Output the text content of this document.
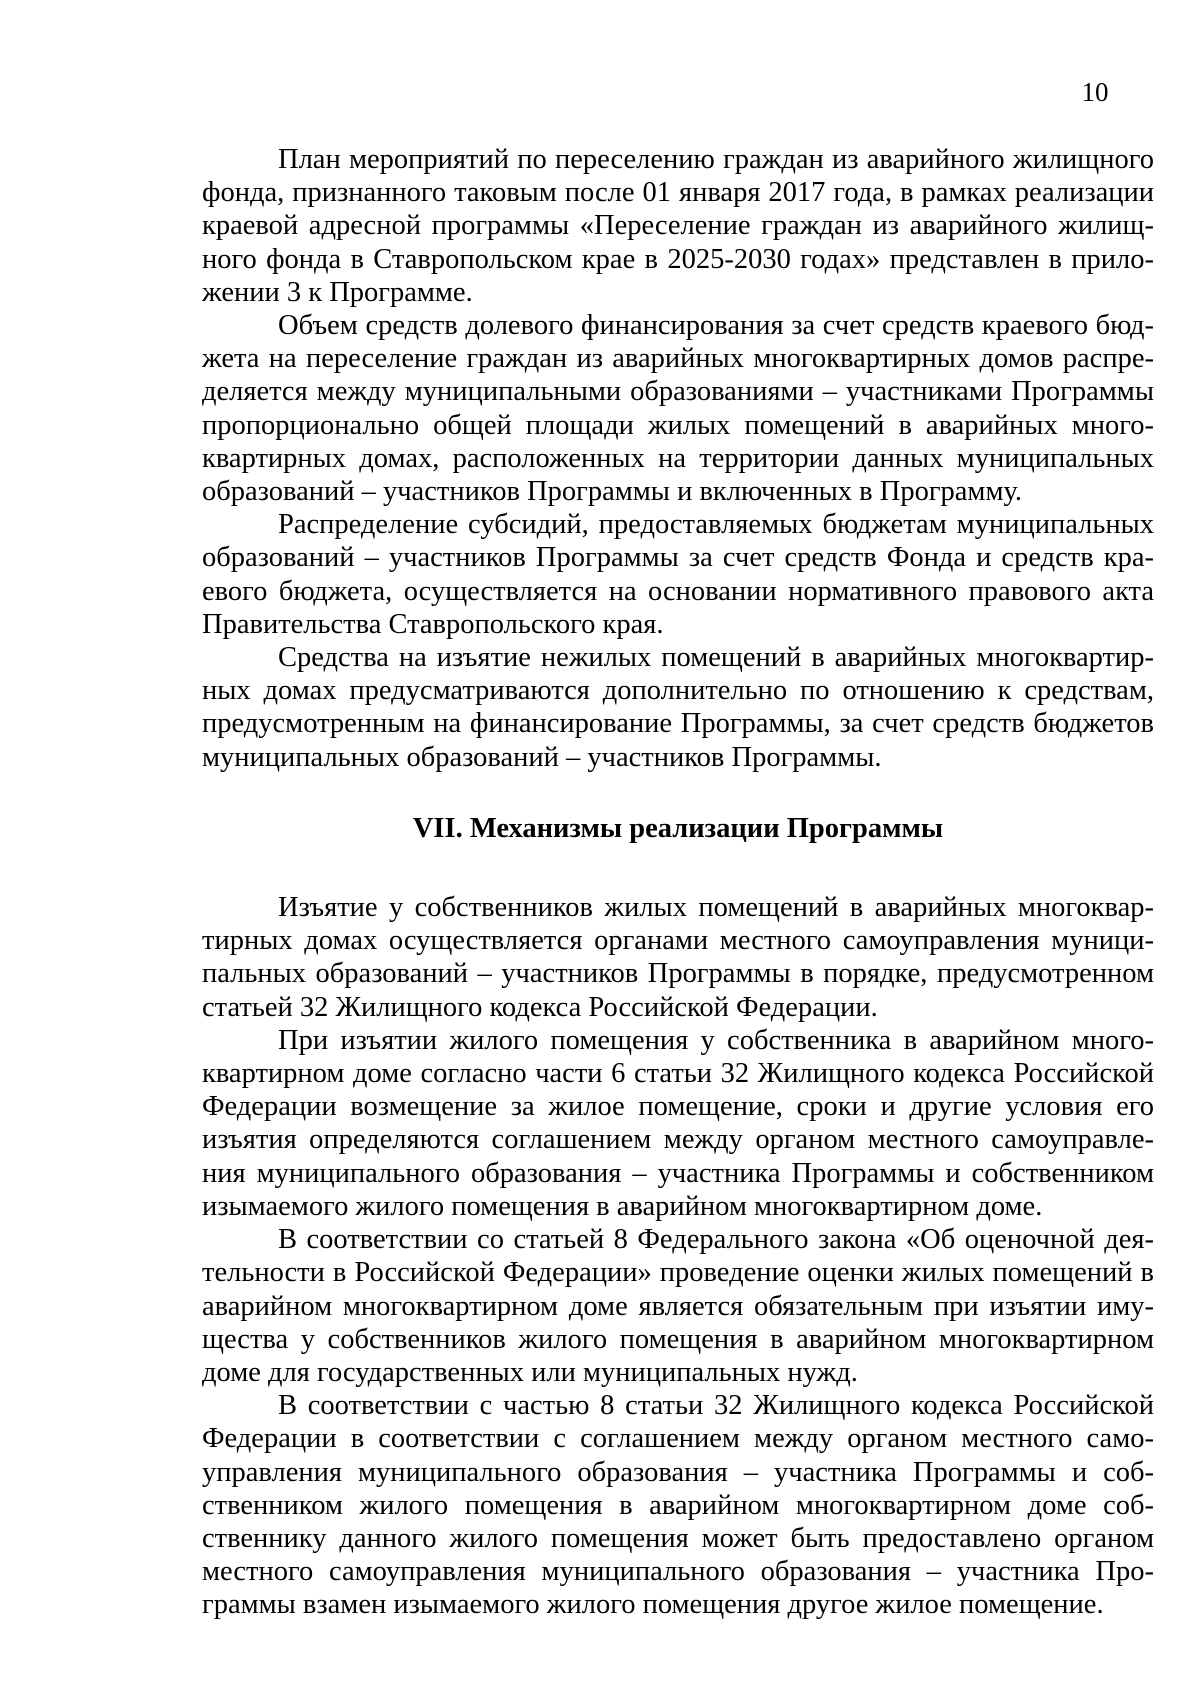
10

План мероприятий по переселению граждан из аварийного жилищного фонда, признанного таковым после 01 января 2017 года, в рамках реализации краевой адресной программы «Переселение граждан из аварийного жилищного фонда в Ставропольском крае в 2025-2030 годах» представлен в приложении 3 к Программе.

Объем средств долевого финансирования за счет средств краевого бюджета на переселение граждан из аварийных многоквартирных домов распределяется между муниципальными образованиями – участниками Программы пропорционально общей площади жилых помещений в аварийных многоквартирных домах, расположенных на территории данных муниципальных образований – участников Программы и включенных в Программу.

Распределение субсидий, предоставляемых бюджетам муниципальных образований – участников Программы за счет средств Фонда и средств краевого бюджета, осуществляется на основании нормативного правового акта Правительства Ставропольского края.

Средства на изъятие нежилых помещений в аварийных многоквартирных домах предусматриваются дополнительно по отношению к средствам, предусмотренным на финансирование Программы, за счет средств бюджетов муниципальных образований – участников Программы.

VII. Механизмы реализации Программы

Изъятие у собственников жилых помещений в аварийных многоквартирных домах осуществляется органами местного самоуправления муниципальных образований – участников Программы в порядке, предусмотренном статьей 32 Жилищного кодекса Российской Федерации.

При изъятии жилого помещения у собственника в аварийном многоквартирном доме согласно части 6 статьи 32 Жилищного кодекса Российской Федерации возмещение за жилое помещение, сроки и другие условия его изъятия определяются соглашением между органом местного самоуправления муниципального образования – участника Программы и собственником изымаемого жилого помещения в аварийном многоквартирном доме.

В соответствии со статьей 8 Федерального закона «Об оценочной деятельности в Российской Федерации» проведение оценки жилых помещений в аварийном многоквартирном доме является обязательным при изъятии имущества у собственников жилого помещения в аварийном многоквартирном доме для государственных или муниципальных нужд.

В соответствии с частью 8 статьи 32 Жилищного кодекса Российской Федерации в соответствии с соглашением между органом местного самоуправления муниципального образования – участника Программы и собственником жилого помещения в аварийном многоквартирном доме собственнику данного жилого помещения может быть предоставлено органом местного самоуправления муниципального образования – участника Программы взамен изымаемого жилого помещения другое жилое помещение.
